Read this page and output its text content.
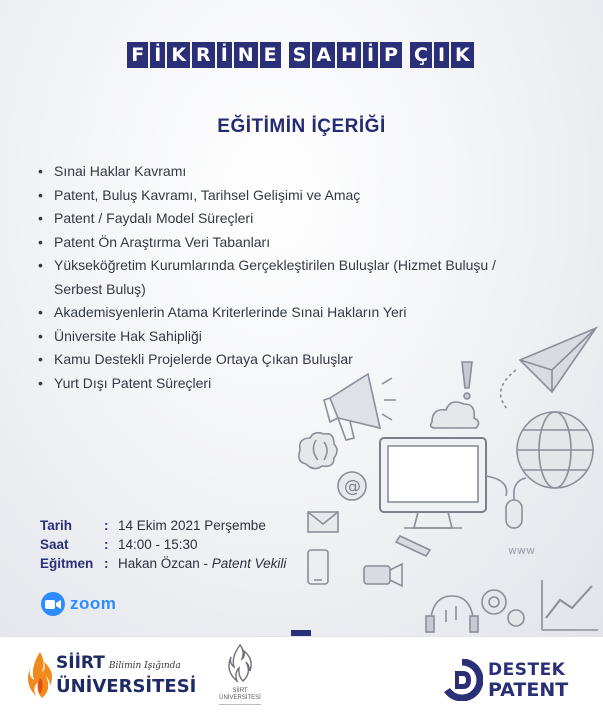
F İ K R İ N E S A H İ P Ç I K
EĞİTİMİN İÇERİĞİ
• Sınai Haklar Kavramı
• Patent, Buluş Kavramı, Tarihsel Gelişimi ve Amaç
• Patent / Faydalı Model Süreçleri
• Patent Ön Araştırma Veri Tabanları
• Yükseköğretim Kurumlarında Gerçekleştirilen Buluşlar (Hizmet Buluşu /
Serbest Buluş)
• Akademisyenlerin Atama Kriterlerinde Sınai Hakların Yeri
• Üniversite Hak Sahipliği
• Kamu Destekli Projelerde Ortaya Çıkan Buluşlar
• Yurt Dışı Patent Süreçleri
@
www
Tarih	: 14 Ekim 2021 Perşembe
Saat	: 14:00 - 15:30
Eğitmen : Hakan Özcan - Patent Vekili
zoom
SİİRT Bilimin Işığında
ÜNİVERSİTESİ	SİİRT
ÜNİVERSİTESİ
DESTEK
PATENT
